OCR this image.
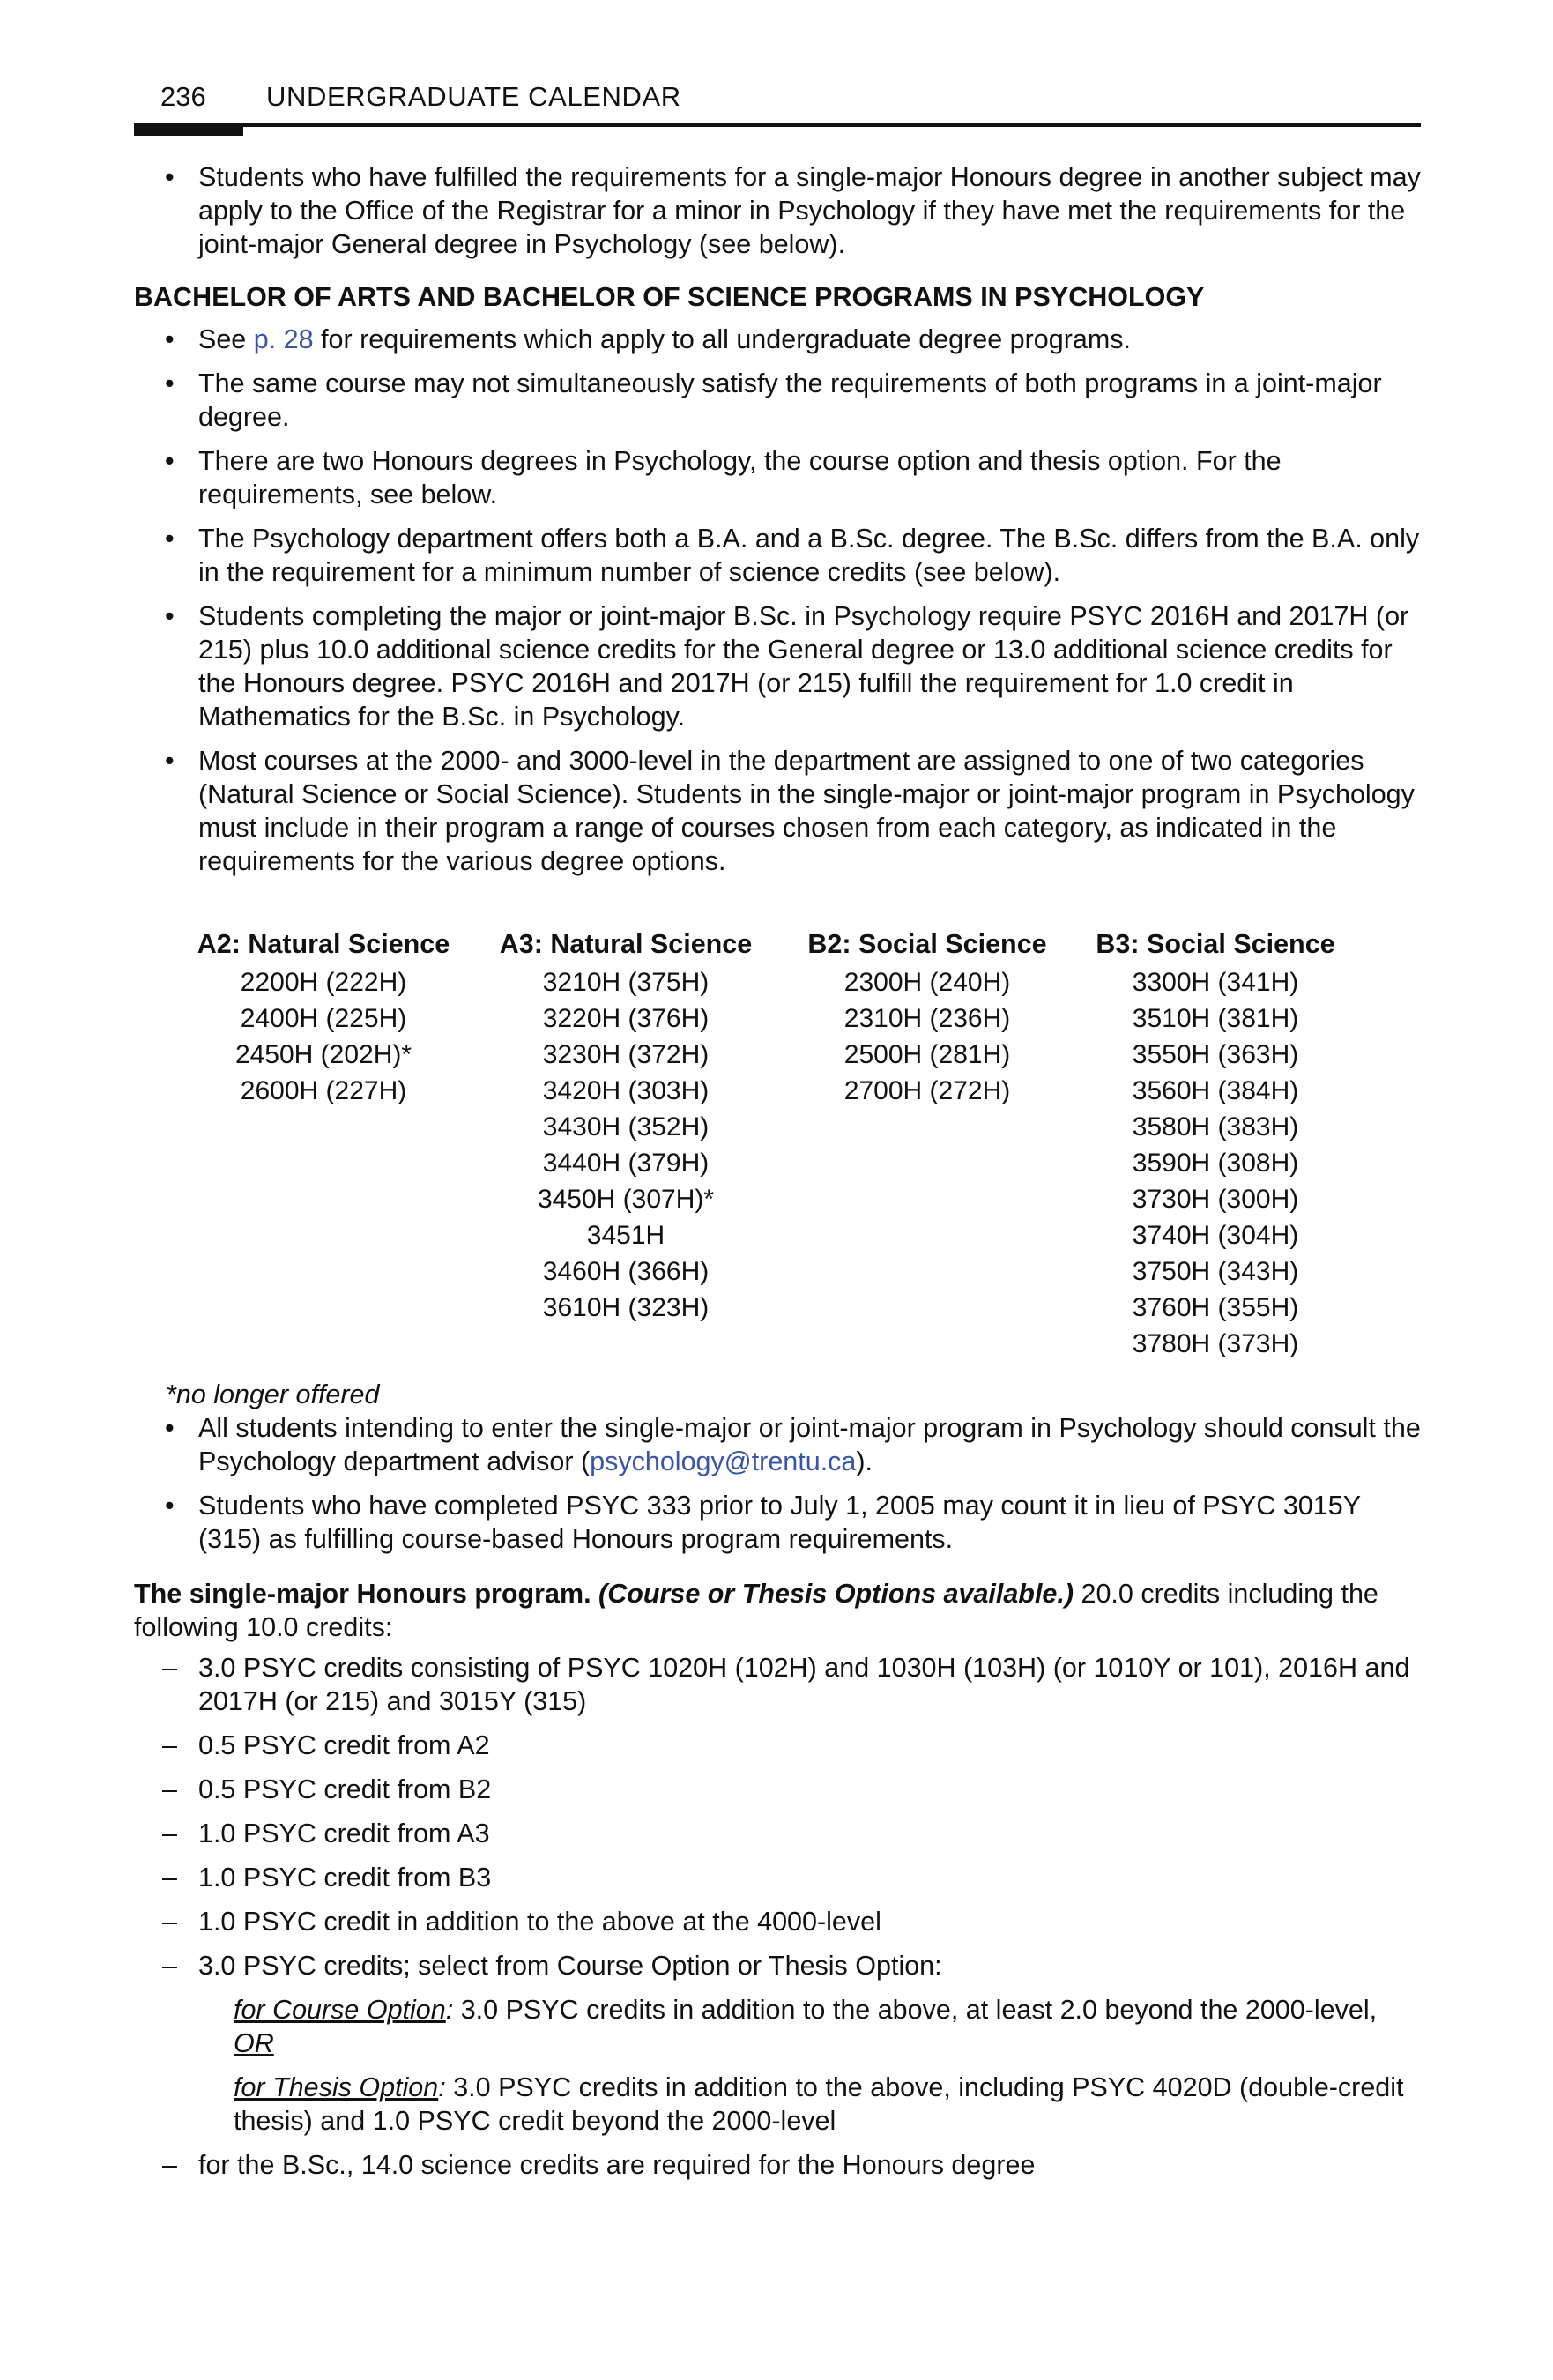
236	UNDERGRADUATE CALENDAR
• Students who have fulfilled the requirements for a single-major Honours degree in another subject may apply to the Office of the Registrar for a minor in Psychology if they have met the requirements for the joint-major General degree in Psychology (see below).
BACHELOR OF ARTS AND BACHELOR OF SCIENCE PROGRAMS IN PSYCHOLOGY
• See p. 28 for requirements which apply to all undergraduate degree programs.
• The same course may not simultaneously satisfy the requirements of both programs in a joint-major degree.
• There are two Honours degrees in Psychology, the course option and thesis option. For the requirements, see below.
• The Psychology department offers both a B.A. and a B.Sc. degree. The B.Sc. differs from the B.A. only in the requirement for a minimum number of science credits (see below).
• Students completing the major or joint-major B.Sc. in Psychology require PSYC 2016H and 2017H (or 215) plus 10.0 additional science credits for the General degree or 13.0 additional science credits for the Honours degree. PSYC 2016H and 2017H (or 215) fulfill the requirement for 1.0 credit in Mathematics for the B.Sc. in Psychology.
• Most courses at the 2000- and 3000-level in the department are assigned to one of two categories (Natural Science or Social Science). Students in the single-major or joint-major program in Psychology must include in their program a range of courses chosen from each category, as indicated in the requirements for the various degree options.
A2: Natural Science
2200H (222H)
2400H (225H)
2450H (202H)*
2600H (227H)
A3: Natural Science
3210H (375H)
3220H (376H)
3230H (372H)
3420H (303H)
3430H (352H)
3440H (379H)
3450H (307H)*
3451H
3460H (366H)
3610H (323H)
B2: Social Science
2300H (240H)
2310H (236H)
2500H (281H)
2700H (272H)
B3: Social Science
3300H (341H)
3510H (381H)
3550H (363H)
3560H (384H)
3580H (383H)
3590H (308H)
3730H (300H)
3740H (304H)
3750H (343H)
3760H (355H)
3780H (373H)
*no longer offered
• All students intending to enter the single-major or joint-major program in Psychology should consult the Psychology department advisor (psychology@trentu.ca).
• Students who have completed PSYC 333 prior to July 1, 2005 may count it in lieu of PSYC 3015Y (315) as fulfilling course-based Honours program requirements.
The single-major Honours program. (Course or Thesis Options available.) 20.0 credits including the following 10.0 credits:
– 3.0 PSYC credits consisting of PSYC 1020H (102H) and 1030H (103H) (or 1010Y or 101), 2016H and 2017H (or 215) and 3015Y (315)
– 0.5 PSYC credit from A2
– 0.5 PSYC credit from B2
– 1.0 PSYC credit from A3
– 1.0 PSYC credit from B3
– 1.0 PSYC credit in addition to the above at the 4000-level
– 3.0 PSYC credits; select from Course Option or Thesis Option:
for Course Option: 3.0 PSYC credits in addition to the above, at least 2.0 beyond the 2000-level, OR
for Thesis Option: 3.0 PSYC credits in addition to the above, including PSYC 4020D (double-credit thesis) and 1.0 PSYC credit beyond the 2000-level
– for the B.Sc., 14.0 science credits are required for the Honours degree
